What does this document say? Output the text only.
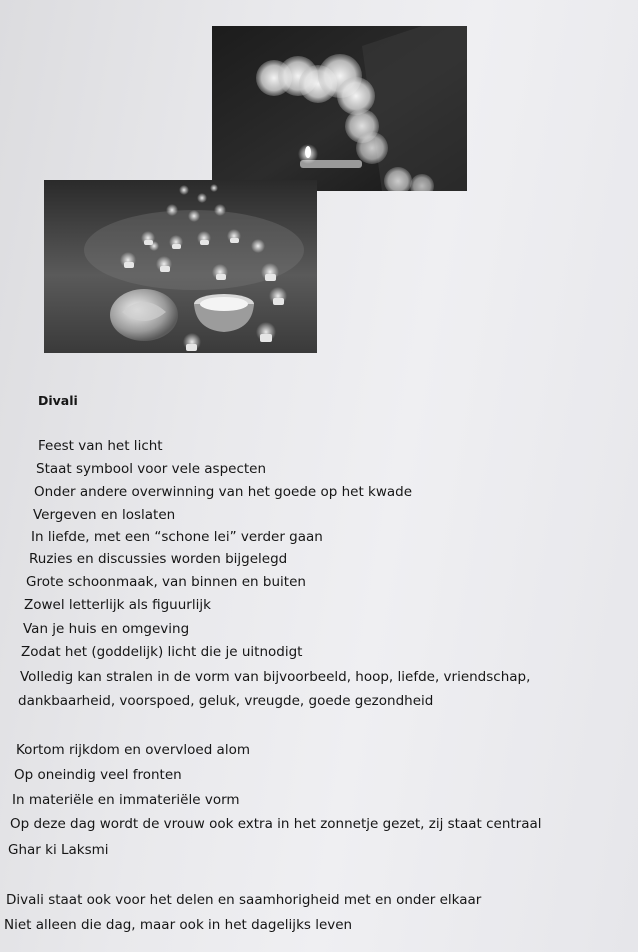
Divali
Feest van het licht
Staat symbool voor vele aspecten
Onder andere overwinning van het goede op het kwade
Vergeven en loslaten
In liefde, met een “schone lei” verder gaan
Ruzies en discussies worden bijgelegd
Grote schoonmaak, van binnen en buiten
Zowel letterlijk als figuurlijk
Van je huis en omgeving
Zodat het (goddelijk) licht die je uitnodigt
Volledig kan stralen in de vorm van bijvoorbeeld, hoop, liefde, vriendschap,
dankbaarheid, voorspoed, geluk, vreugde, goede gezondheid
Kortom rijkdom en overvloed alom
Op oneindig veel fronten
In materiële en immateriële vorm
Op deze dag wordt de vrouw ook extra in het zonnetje gezet, zij staat centraal
Ghar ki Laksmi
Divali staat ook voor het delen en saamhorigheid met en onder elkaar
Niet alleen die dag, maar ook in het dagelijks leven
